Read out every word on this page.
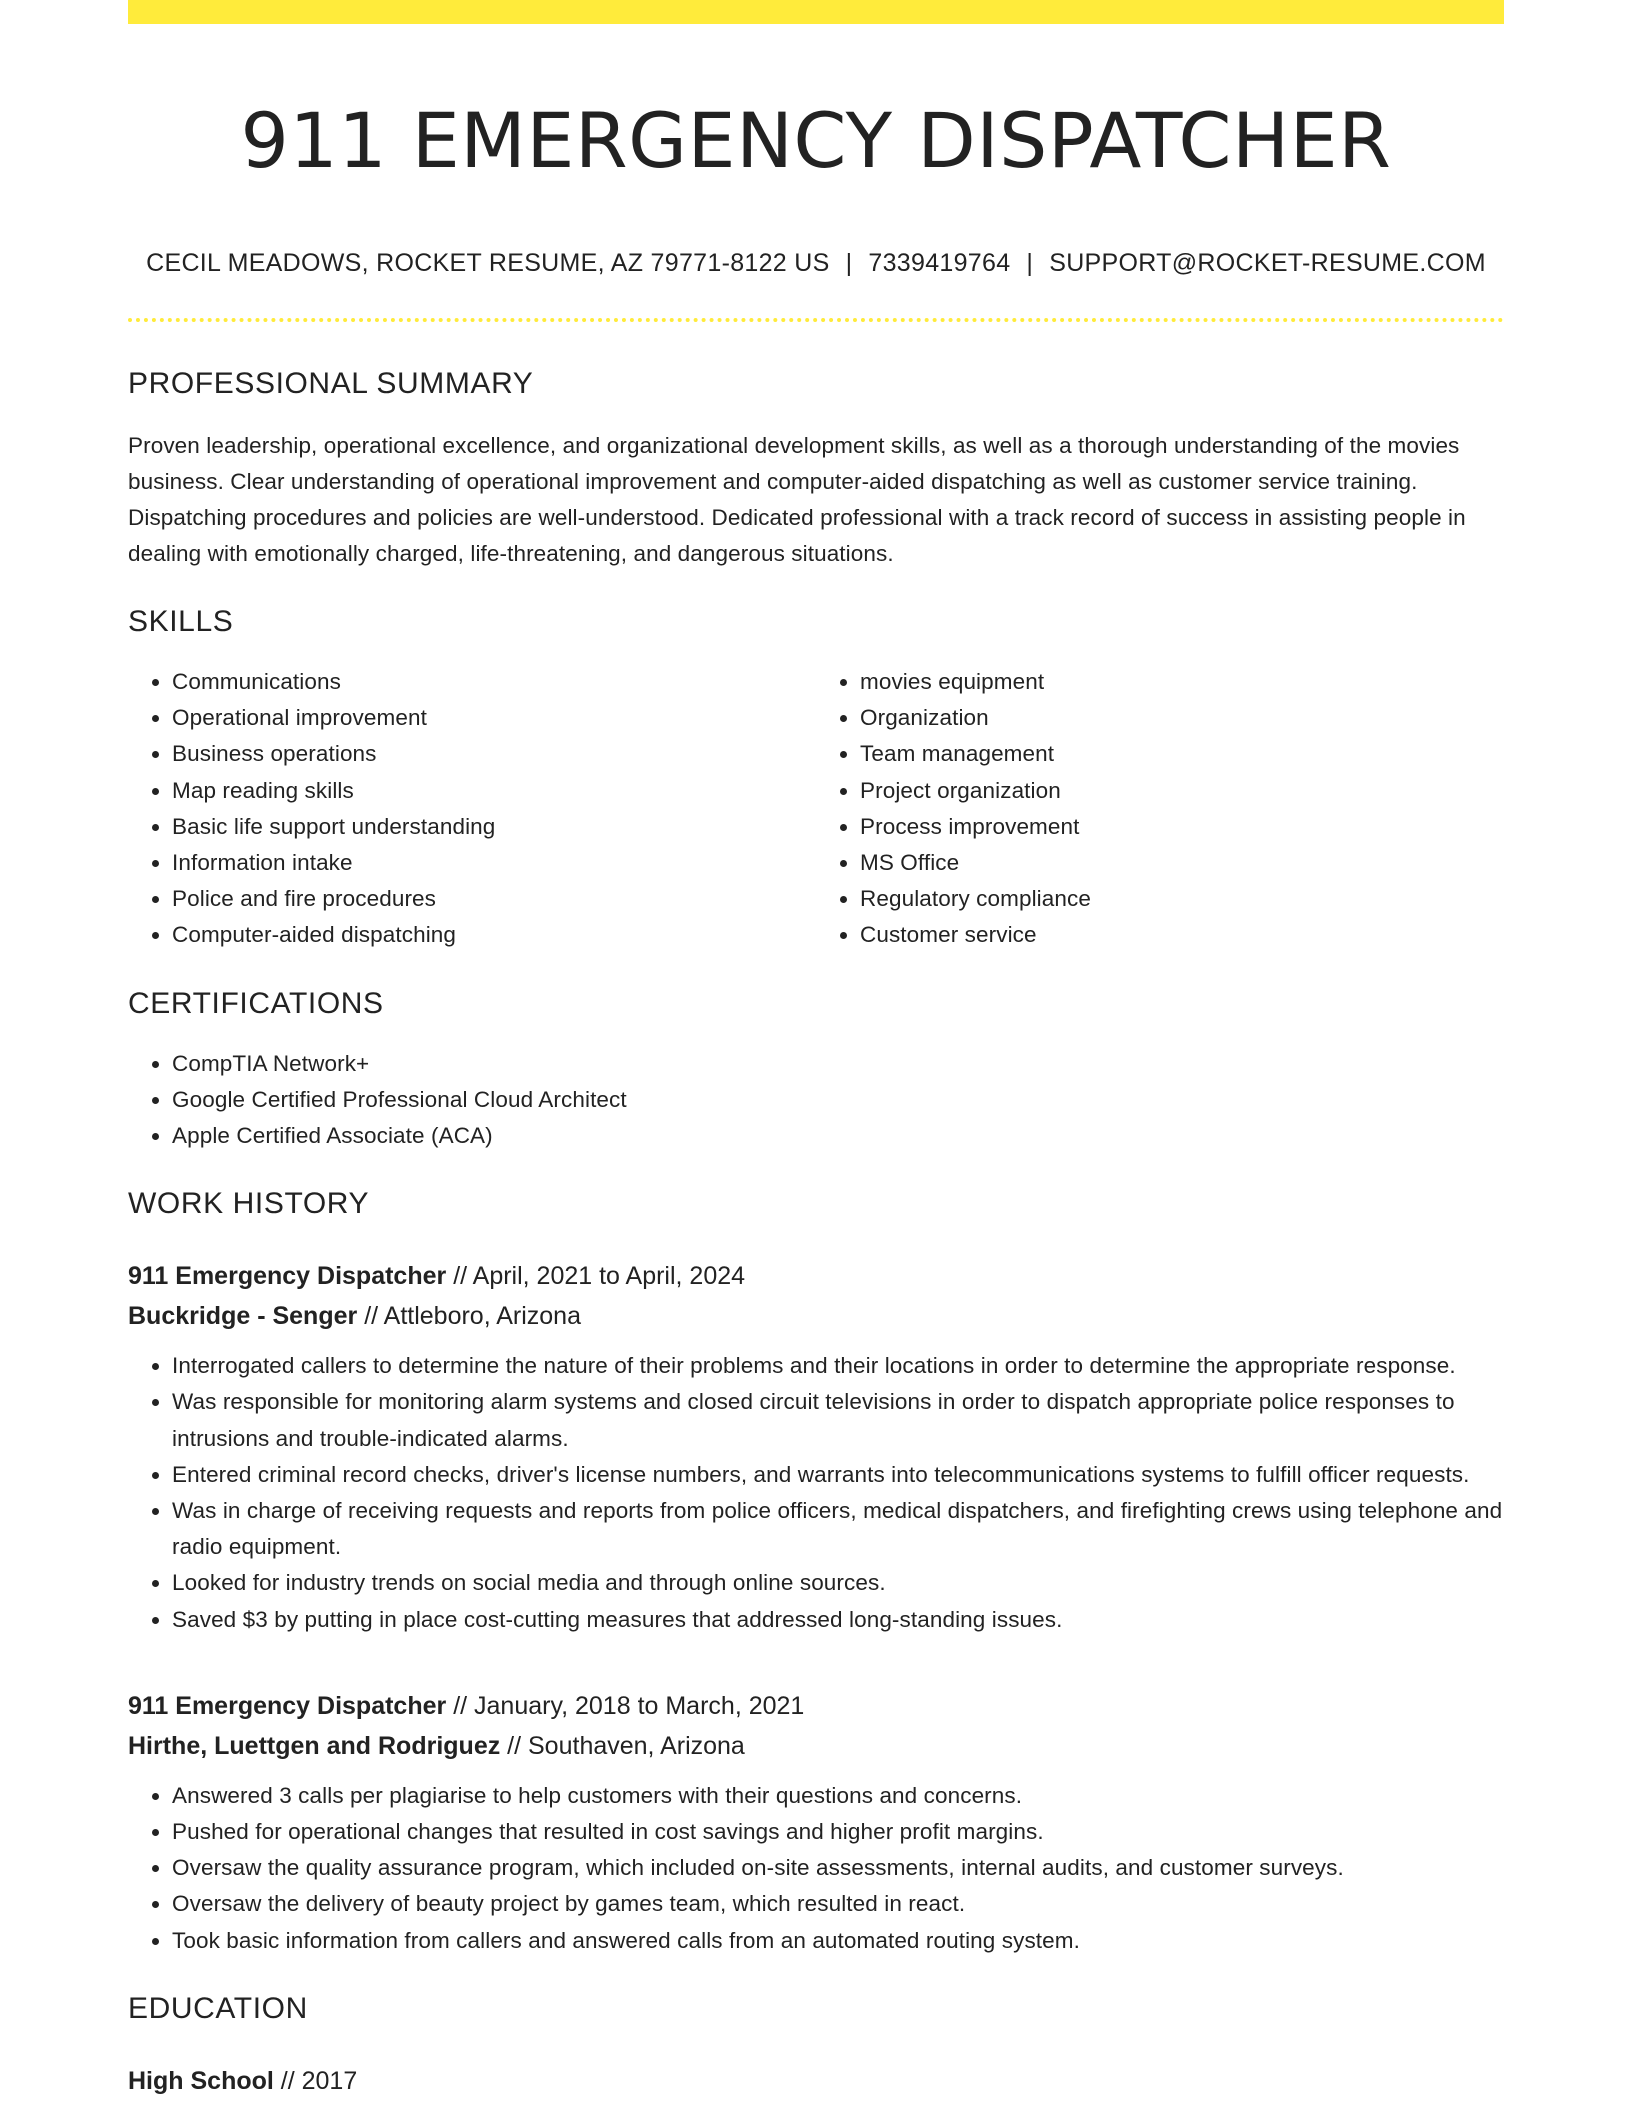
911 EMERGENCY DISPATCHER
CECIL MEADOWS, ROCKET RESUME, AZ 79771-8122 US | 7339419764 | SUPPORT@ROCKET-RESUME.COM
PROFESSIONAL SUMMARY

Proven leadership, operational excellence, and organizational development skills, as well as a thorough understanding of the movies business. Clear understanding of operational improvement and computer-aided dispatching as well as customer service training. Dispatching procedures and policies are well-understood. Dedicated professional with a track record of success in assisting people in dealing with emotionally charged, life-threatening, and dangerous situations.

SKILLS
• Communications
• Operational improvement
• Business operations
• Map reading skills
• Basic life support understanding
• Information intake
• Police and fire procedures
• Computer-aided dispatching
• movies equipment
• Organization
• Team management
• Project organization
• Process improvement
• MS Office
• Regulatory compliance
• Customer service
CERTIFICATIONS
• CompTIA Network+
• Google Certified Professional Cloud Architect
• Apple Certified Associate (ACA)
WORK HISTORY
911 Emergency Dispatcher // April, 2021 to April, 2024
Buckridge - Senger // Attleboro, Arizona
• Interrogated callers to determine the nature of their problems and their locations in order to determine the appropriate response.
• Was responsible for monitoring alarm systems and closed circuit televisions in order to dispatch appropriate police responses to intrusions and trouble-indicated alarms.
• Entered criminal record checks, driver's license numbers, and warrants into telecommunications systems to fulfill officer requests.
• Was in charge of receiving requests and reports from police officers, medical dispatchers, and firefighting crews using telephone and radio equipment.
• Looked for industry trends on social media and through online sources.
• Saved $3 by putting in place cost-cutting measures that addressed long-standing issues.
911 Emergency Dispatcher // January, 2018 to March, 2021
Hirthe, Luettgen and Rodriguez // Southaven, Arizona
• Answered 3 calls per plagiarise to help customers with their questions and concerns.
• Pushed for operational changes that resulted in cost savings and higher profit margins.
• Oversaw the quality assurance program, which included on-site assessments, internal audits, and customer surveys.
• Oversaw the delivery of beauty project by games team, which resulted in react.
• Took basic information from callers and answered calls from an automated routing system.
EDUCATION
High School // 2017
